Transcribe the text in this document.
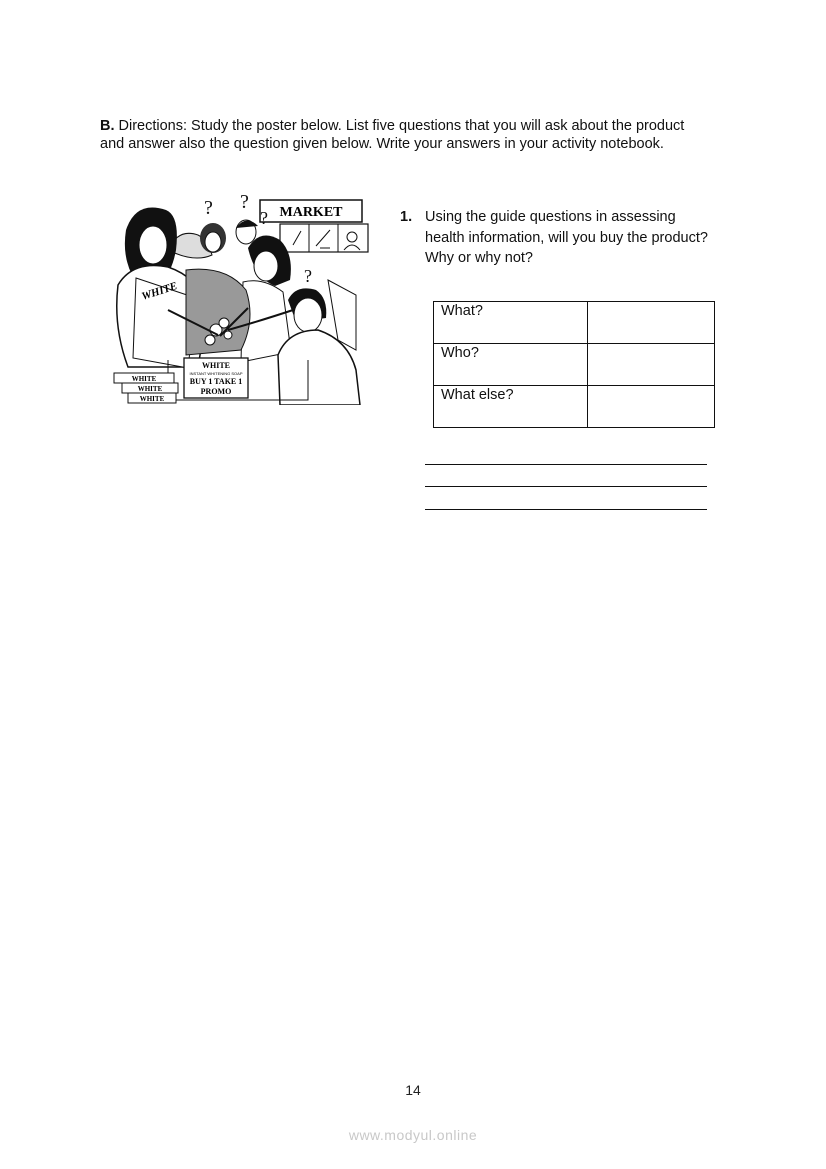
B. Directions: Study the poster below. List five questions that you will ask about the product and answer also the question given below. Write your answers in your activity notebook.
MARKET
? ?
?
?
WHITE
WHITE
INSTANT WHITENING SOAP
BUY 1 TAKE 1
PROMO
WHITE
WHITE
WHITE
1. Using the guide questions in assessing health information, will you buy the product? Why or why not?
What?	
Who?	
What else?	
14
www.modyul.online
